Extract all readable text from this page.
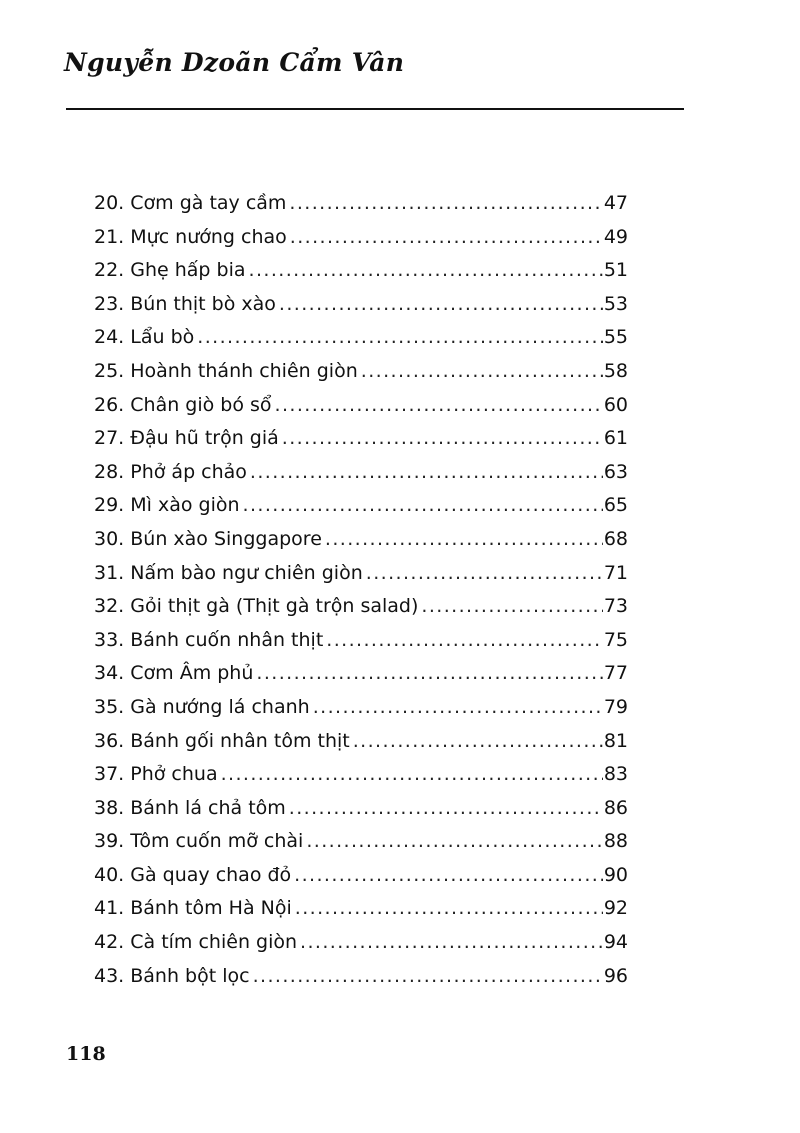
Nguyễn Dzoãn Cẩm Vân
20. Cơm gà tay cầm .....	47
21. Mực nướng chao .....	49
22. Ghẹ hấp bia .....	51
23. Bún thịt bò xào .....	53
24. Lẩu bò .....	55
25. Hoành thánh chiên giòn .....	58
26. Chân giò bó sổ .....	60
27. Đậu hũ trộn giá .....	61
28. Phở áp chảo .....	63
29. Mì xào giòn .....	65
30. Bún xào Singgapore .....	68
31. Nấm bào ngư chiên giòn .....	71
32. Gỏi thịt gà (Thịt gà trộn salad) .....	73
33. Bánh cuốn nhân thịt .....	75
34. Cơm Âm phủ .....	77
35. Gà nướng lá chanh .....	79
36. Bánh gối nhân tôm thịt .....	81
37. Phở chua .....	83
38. Bánh lá chả tôm .....	86
39. Tôm cuốn mỡ chài .....	88
40. Gà quay chao đỏ .....	90
41. Bánh tôm Hà Nội .....	92
42. Cà tím chiên giòn .....	94
43. Bánh bột lọc .....	96
118
